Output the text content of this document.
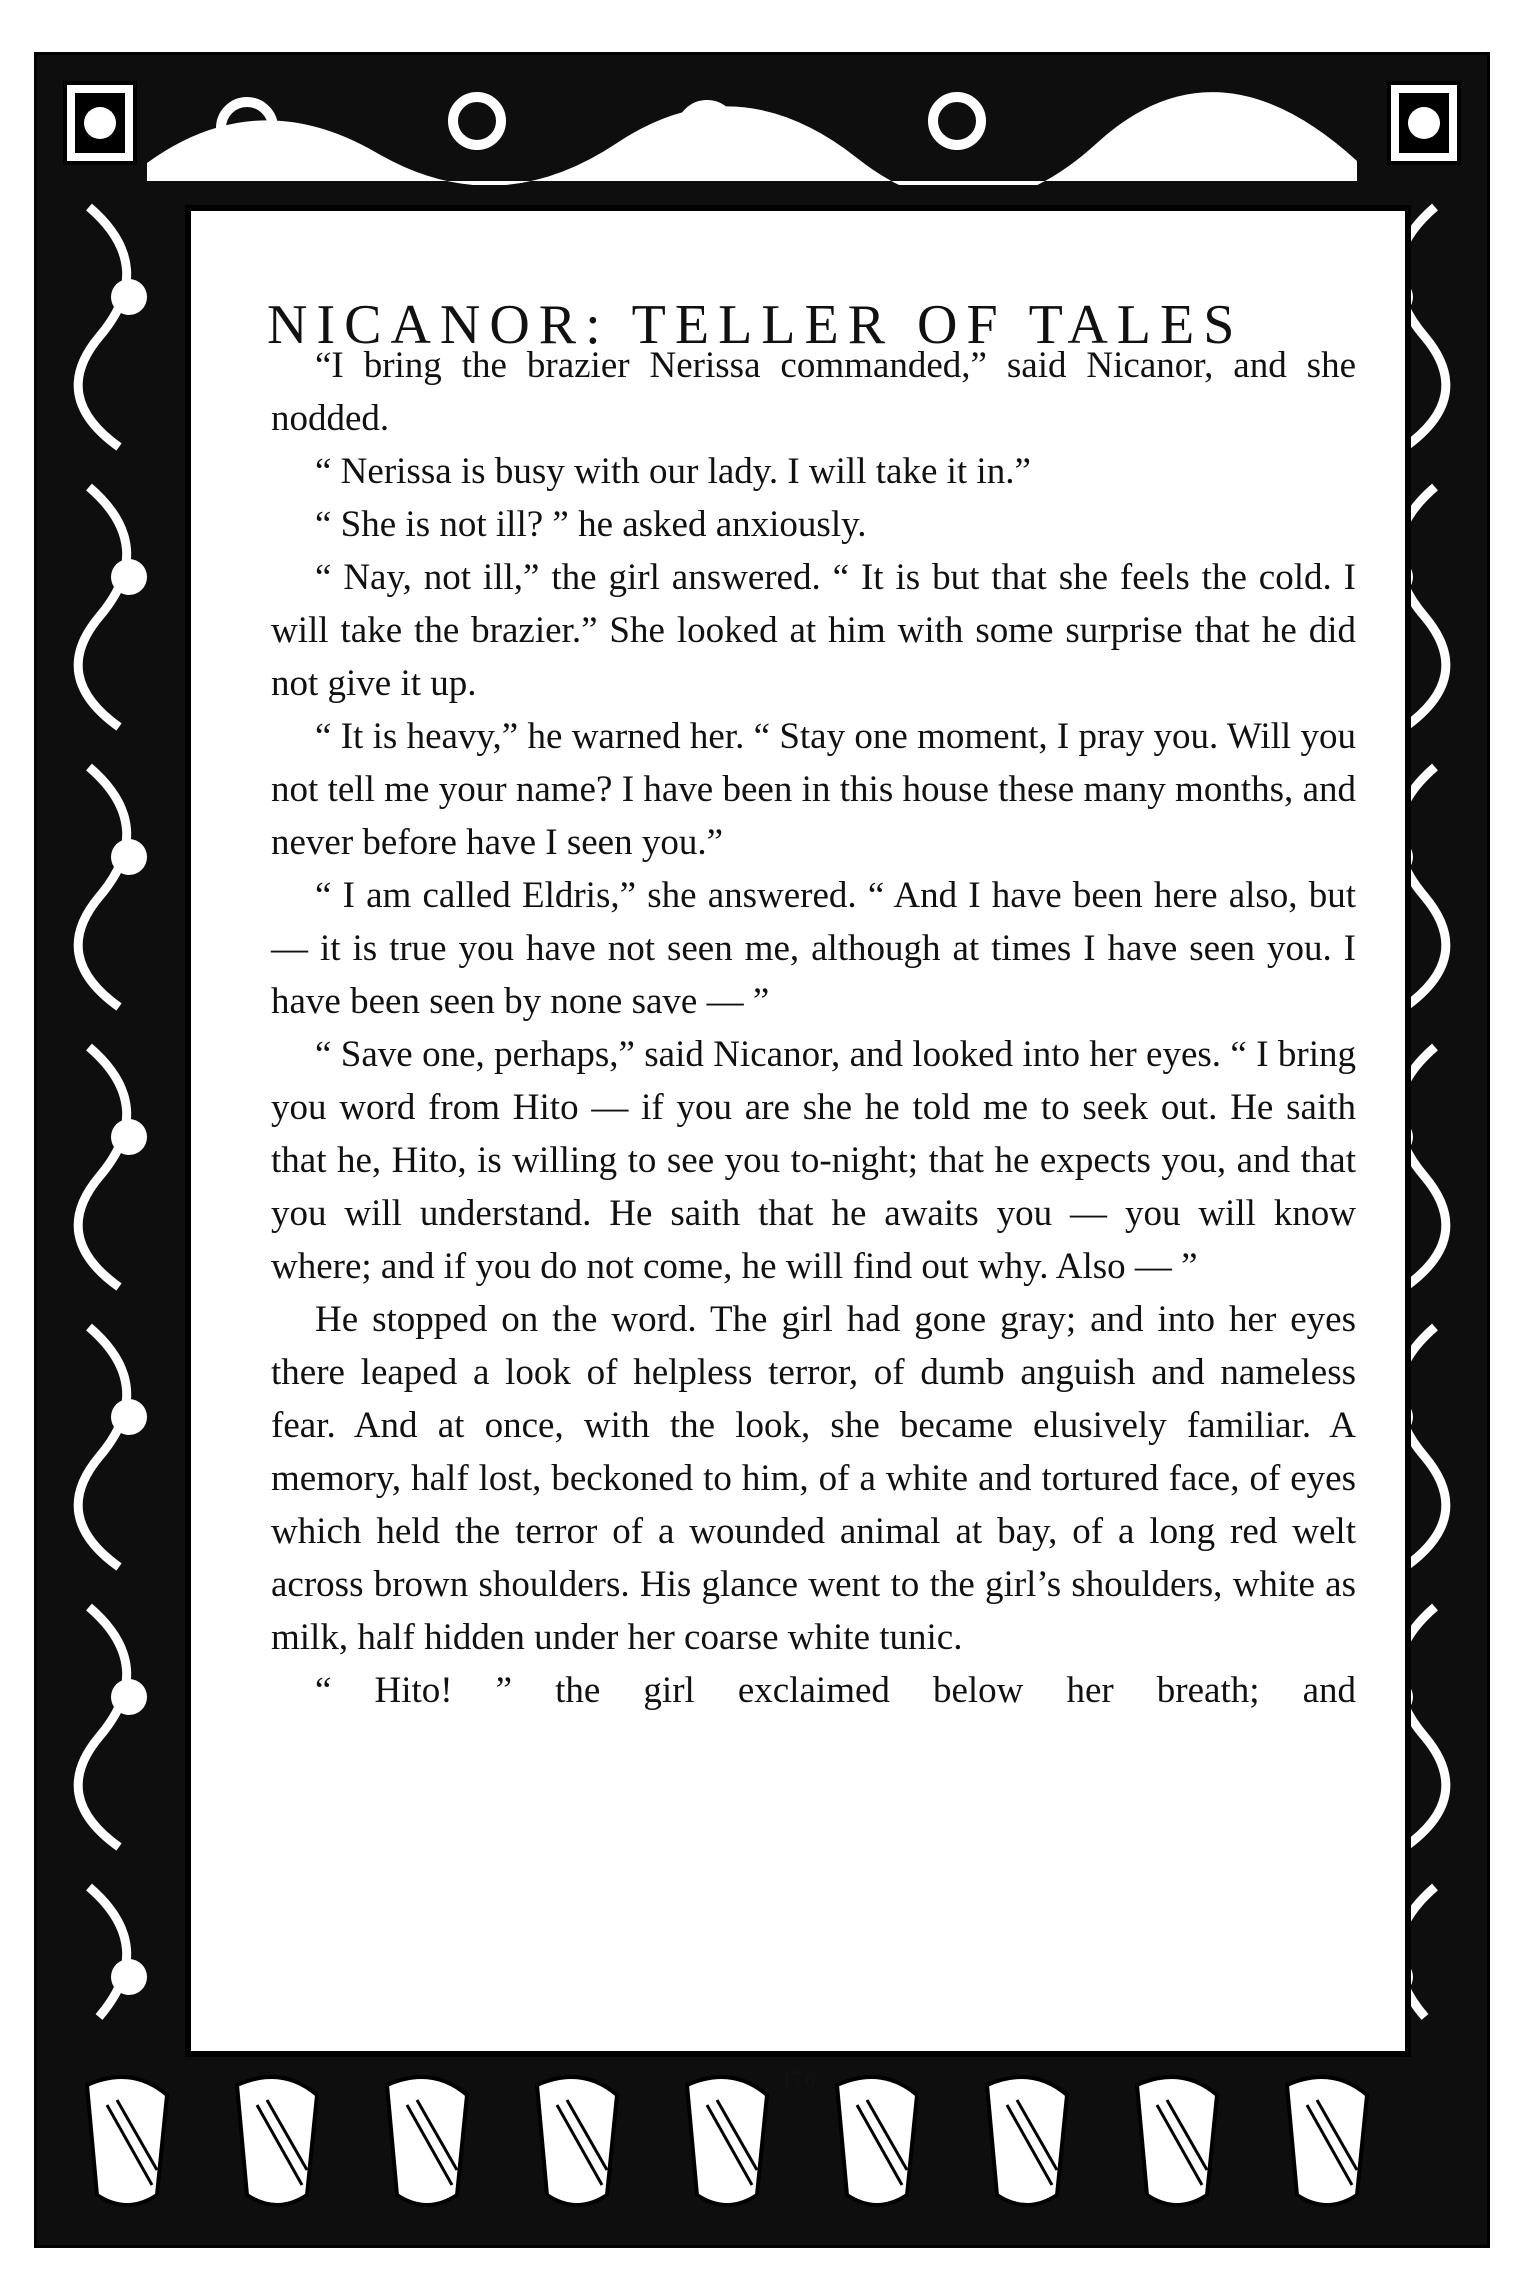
NICANOR: TELLER OF TALES

“I bring the brazier Nerissa commanded,” said Nicanor, and she nodded.

“ Nerissa is busy with our lady. I will take it in.”

“ She is not ill? ” he asked anxiously.

“ Nay, not ill,” the girl answered. “ It is but that she feels the cold. I will take the brazier.” She looked at him with some surprise that he did not give it up.

“ It is heavy,” he warned her. “ Stay one moment, I pray you. Will you not tell me your name? I have been in this house these many months, and never before have I seen you.”

“ I am called Eldris,” she answered. “ And I have been here also, but — it is true you have not seen me, although at times I have seen you. I have been seen by none save — ”

“ Save one, perhaps,” said Nicanor, and looked into her eyes. “ I bring you word from Hito — if you are she he told me to seek out. He saith that he, Hito, is willing to see you to-night; that he expects you, and that you will understand. He saith that he awaits you — you will know where; and if you do not come, he will find out why. Also — ”

He stopped on the word. The girl had gone gray; and into her eyes there leaped a look of helpless terror, of dumb anguish and nameless fear. And at once, with the look, she became elusively familiar. A memory, half lost, beckoned to him, of a white and tortured face, of eyes which held the terror of a wounded animal at bay, of a long red welt across brown shoulders. His glance went to the girl’s shoulders, white as milk, half hidden under her coarse white tunic.

“ Hito! ” the girl exclaimed below her breath; and

176
